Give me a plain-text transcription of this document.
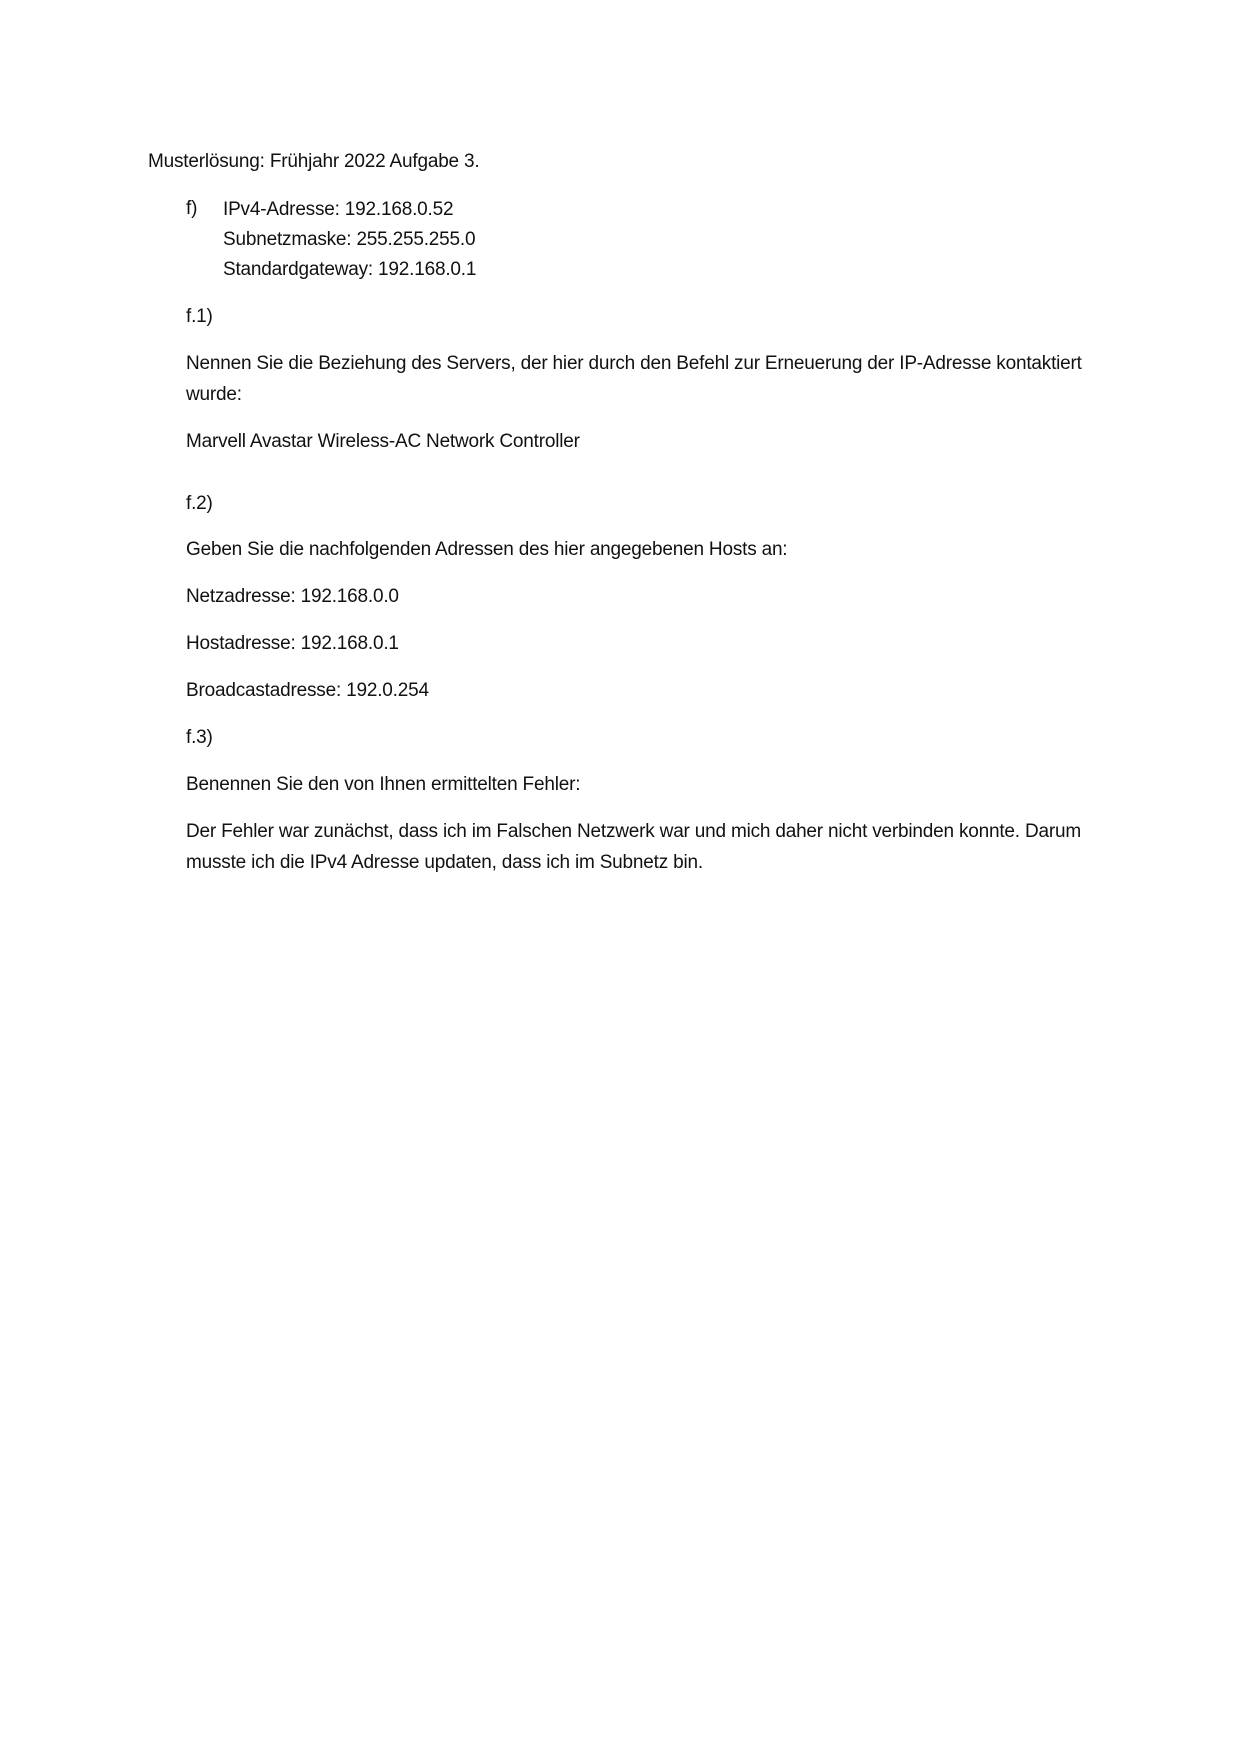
Musterlösung: Frühjahr 2022 Aufgabe 3.
f) IPv4-Adresse: 192.168.0.52
Subnetzmaske: 255.255.255.0
Standardgateway: 192.168.0.1
f.1)
Nennen Sie die Beziehung des Servers, der hier durch den Befehl zur Erneuerung der IP-Adresse kontaktiert wurde:
Marvell Avastar Wireless-AC Network Controller
f.2)
Geben Sie die nachfolgenden Adressen des hier angegebenen Hosts an:
Netzadresse: 192.168.0.0
Hostadresse: 192.168.0.1
Broadcastadresse: 192.0.254
f.3)
Benennen Sie den von Ihnen ermittelten Fehler:
Der Fehler war zunächst, dass ich im Falschen Netzwerk war und mich daher nicht verbinden konnte. Darum musste ich die IPv4 Adresse updaten, dass ich im Subnetz bin.
